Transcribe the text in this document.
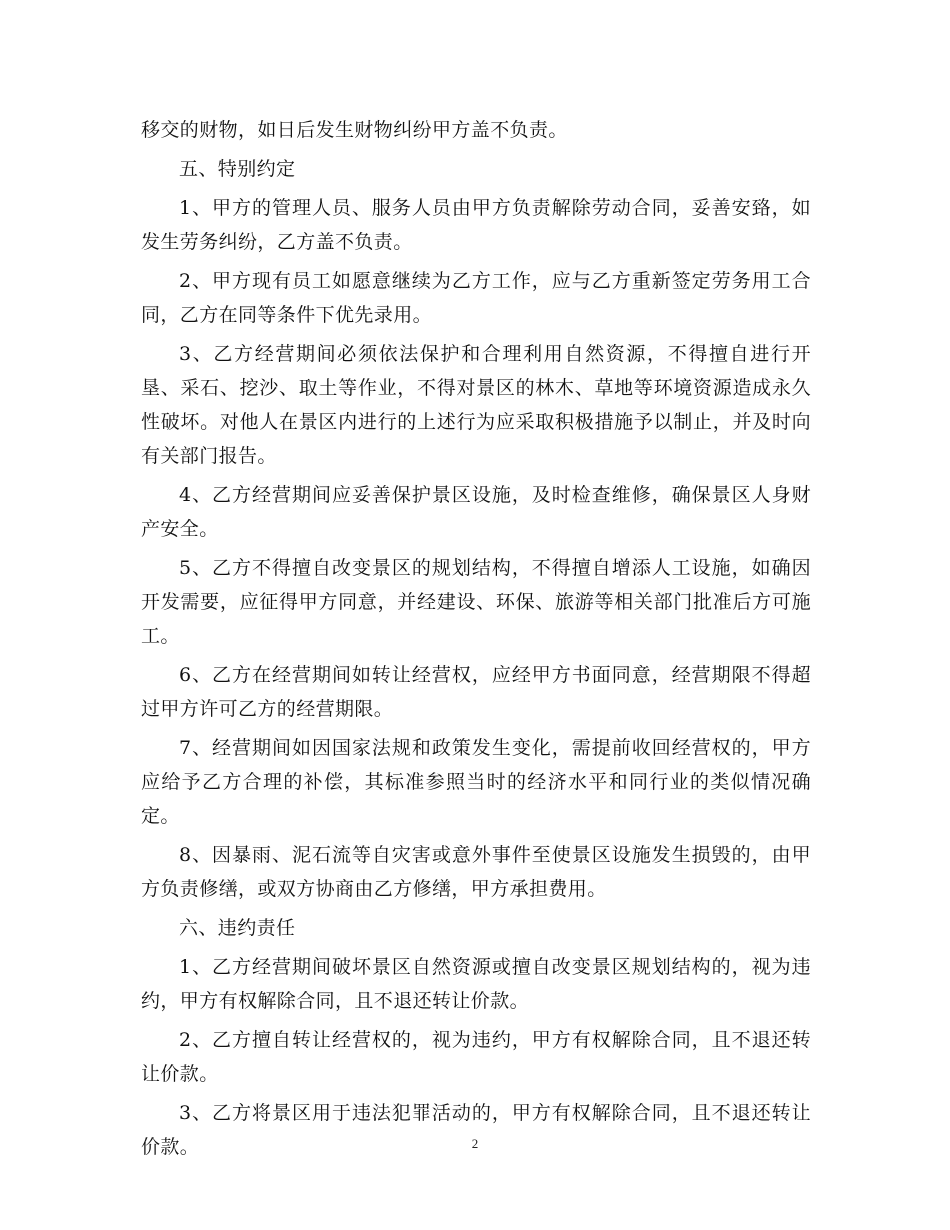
移交的财物，如日后发生财物纠纷甲方盖不负责。

五、特别约定

1、甲方的管理人员、服务人员由甲方负责解除劳动合同，妥善安臵，如发生劳务纠纷，乙方盖不负责。

2、甲方现有员工如愿意继续为乙方工作，应与乙方重新签定劳务用工合同，乙方在同等条件下优先录用。

3、乙方经营期间必须依法保护和合理利用自然资源，不得擅自进行开垦、采石、挖沙、取土等作业，不得对景区的林木、草地等环境资源造成永久性破坏。对他人在景区内进行的上述行为应采取积极措施予以制止，并及时向有关部门报告。

4、乙方经营期间应妥善保护景区设施，及时检查维修，确保景区人身财产安全。

5、乙方不得擅自改变景区的规划结构，不得擅自增添人工设施，如确因开发需要，应征得甲方同意，并经建设、环保、旅游等相关部门批准后方可施工。

6、乙方在经营期间如转让经营权，应经甲方书面同意，经营期限不得超过甲方许可乙方的经营期限。

7、经营期间如因国家法规和政策发生变化，需提前收回经营权的，甲方应给予乙方合理的补偿，其标准参照当时的经济水平和同行业的类似情况确定。

8、因暴雨、泥石流等自灾害或意外事件至使景区设施发生损毁的，由甲方负责修缮，或双方协商由乙方修缮，甲方承担费用。

六、违约责任

1、乙方经营期间破坏景区自然资源或擅自改变景区规划结构的，视为违约，甲方有权解除合同，且不退还转让价款。

2、乙方擅自转让经营权的，视为违约，甲方有权解除合同，且不退还转让价款。

3、乙方将景区用于违法犯罪活动的，甲方有权解除合同，且不退还转让价款。	2
